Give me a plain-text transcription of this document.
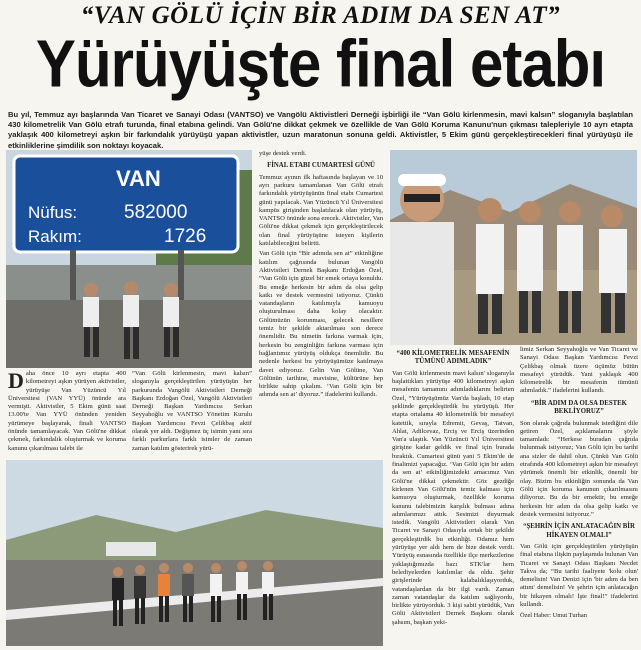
“VAN GÖLÜ İÇİN BİR ADIM DA SEN AT”
Yürüyüşte final etabı
Bu yıl, Temmuz ayı başlarında Van Ticaret ve Sanayi Odası (VANTSO) ve Vangölü Aktivistleri Derneği işbirliği ile “Van Gölü kirlenmesin, mavi kalsın” sloganıyla başlatılan 430 kilometrelik Van Gölü etrafı turunda, final etabına gelindi. Van Gölü'ne dikkat çekmek ve özellikle de Van Gölü Koruma Kanunu'nun çıkması talepleriyle 10 ayrı etapta yaklaşık 400 kilometreyi aşkın bir farkındalık yürüyüşü yapan aktivistler, uzun maratonun sonuna geldi. Aktivistler, 5 Ekim günü gerçekleştirecekleri final yürüyüşü ile etkinliklerine şimdilik son noktayı koyacak.
VAN
Nüfus: 582000
Rakım:	1726
D aha önce 10 ayrı etapta 400 kilometreyi aşkın yürüyen aktivistler, yürüyüşe Van Yüzüncü Yıl Üniversitesi (VAN YYÜ) önünde ara vermişti. Aktivistler, 5 Ekim günü saat 13.00'te Van YYÜ önünden yeniden yürümeye başlayarak, finali VANTSO önünde tamamlayacak. Van Gölü'ne dikkat çekmek, farkındalık oluşturmak ve koruma kanunu çıkarılması talebi ile
“Van Gölü kirlenmesin, mavi kalsın” sloganıyla gerçekleştirilen yürüyüşün her parkurunda Vangölü Aktivistleri Derneği Başkanı Erdoğan Özel, Vangölü Aktivistleri Derneği Başkan Yardımcısı Serkan Seyyahoğlu ve VANTSO Yönetim Kurulu Başkan Yardımcısı Fevzi Çelikbaş aktif olarak yer aldı. Değişmez üç isimin yanı sıra farklı parkurlara farklı isimler de zaman zaman katılım gösterirek yürü-
yüşe destek verdi.
FİNAL ETABI CUMARTESİ GÜNÜ
Temmuz ayının ilk haftasında başlayan ve 10 ayrı parkuru tamamlanan Van Gölü etrafı farkındalık yürüyüşünün final etabı Cumartesi günü yapılacak. Van Yüzüncü Yıl Üniversitesi kampüs girişinden başlatılacak olan yürüyüş, VANTSO önünde sona erecek. Aktivistler, Van Gölü'ne dikkat çekmek için gerçekleştirilecek olan final yürüyüşüne isteyen kişilerin katılabileceğini belirtti.
Van Gölü için “Bir adımda sen at” etkinliğine katılım çağrısında bulunan Vangölü Aktivistleri Dernek Başkanı Erdoğan Özel, “Van Gölü için güzel bir emek ortaya konuldu. Bu emeğe herkesin bir adım da olsa gelip katkı ve destek vermesini istiyoruz. Çünkü vatandaşların katılımıyla kamuoyu oluşturulması daha kolay olacaktır. Gölümüzün korunması, gelecek nesillere temiz bir şekilde aktarılması son derece önemlidir. Bu nimetin farkına varmak için, herkesin bu zenginliğin farkına varması için bağlantımız yürüyüş oldukça önemlidir. Bu nedenle herkesi bu yürüyüşümüze katılmaya davet ediyoruz. Gelin Van Gölüne, Van Gölünün tarihine, mavisine, kültürüne hep birlikte sahip çıkalım. ‘Van Gölü için bir adımda sen at’ diyoruz.” ifadelerini kullandı.
“400 KİLOMETRELİK MESAFENİN TÜMÜNÜ ADIMLADIK”
Van Gölü kirlenmesin mavi kalsın' sloganıyla başlattıkları yürüyüşe 400 kilometreyi aşkın mesafenin tamamını adımladıklarını belirten Özel, “Yürüyüşümüz Van'da başladı, 10 etap şeklinde gerçekleştirdik bu yürüyüşü. Her etapta ortalama 40 kilometrelik bir mesafeyi katettik, sırayla Edremit, Gevaş, Tatvan, Ahlat, Adilcevaz, Erciş ve Erciş üzerinden Van'a ulaştık. Van Yüzüncü Yıl Üniversitesi girişine kadar geldik ve final için burada bıraktık. Cumartesi günü yani 5 Ekim'de de finalimizi yapacağız. ‘Van Gölü için bir adım da sen at’ etkinliğimizdeki amacımız Van Gölü'ne dikkat çekmektir. Göz gezdiğe kirlenen Van Gölü'nün temiz kalması için kamuoyu oluşturmak, özellikle koruma kanunu talebimizin karşılık bulması adına adımlarımızı attık. Sesimizi duyurmak istedik. Vangölü Aktivistleri olarak Van Ticaret ve Sanayi Odasıyla ortak bir şekilde gerçekleştirdik bu etkinliği. Odamız hem yürüyüşe yer aldı hem de bize destek verdi. Yürüyüş esnasında özellikle ilçe merkezlerine yaklaştığımızda bazı STK'lar hem belediyelerden katılımlar da oldu. Şehir girişlerinde kalabalıklaşıyorduk, vatandaşlardan da bir ilgi vardı. Zaman zaman vatandaşlar da katılım sağlıyordu, birlikte yürüyorduk. 3 kişi sabit yürüdük, Van Gölü Aktivistleri Dernek Başkanı olarak şahsım, başkan yeki-
limiz Serkan Seyyahoğlu ve Van Ticaret ve Sanayi Odası Başkan Yardımcısı Fevzi Çelikbaş olmak üzere üçümüz bütün mesafeyi yürüdük. Yani yaklaşık 400 kilometrelik bir mesafenin tümünü adımladık.” ifadelerini kullandı.
“BİR ADIM DA OLSA DESTEK BEKLİYORUZ”
Son olarak çağrıda bulunmak istediğini dile getiren Özel, açıklamalarını şöyle tamamladı: “Herkese buradan çağrıda bulunmak istiyoruz; Van Gölü için bu tarihi ana sizler de dahil olun. Çünkü Van Gölü etrafında 400 kilometreyi aşkın bir mesafeyi yürümek önemli bir etkinlik, önemli bir olay. Bizim bu etkinliğin sonunda da Van Gölü için koruma kanunun çıkarılmasını diliyoruz. Bu da bir emektir, bu emeğe herkesin bir adım da olsa gelip katkı ve destek vermesini istiyoruz.”
“ŞEHRİN İÇİN ANLATACAĞIN BİR HİKAYEN OLMALI”
Van Gölü için gerçekleştirilen yürüyüşün final etabına ilişkin paylaşımda bulunan Van Ticaret ve Sanayi Odası Başkanı Necdet Takva da; “Bu tarihi faaliyete 'kolu olun' demelisin! Van Denizi için 'bir adım da ben attım' demelisin! Ve şehrin için anlatacağın bir hikayen olmalı! İşte final!” ifadelerini kullandı.
Özel Haber: Umut Turhan
